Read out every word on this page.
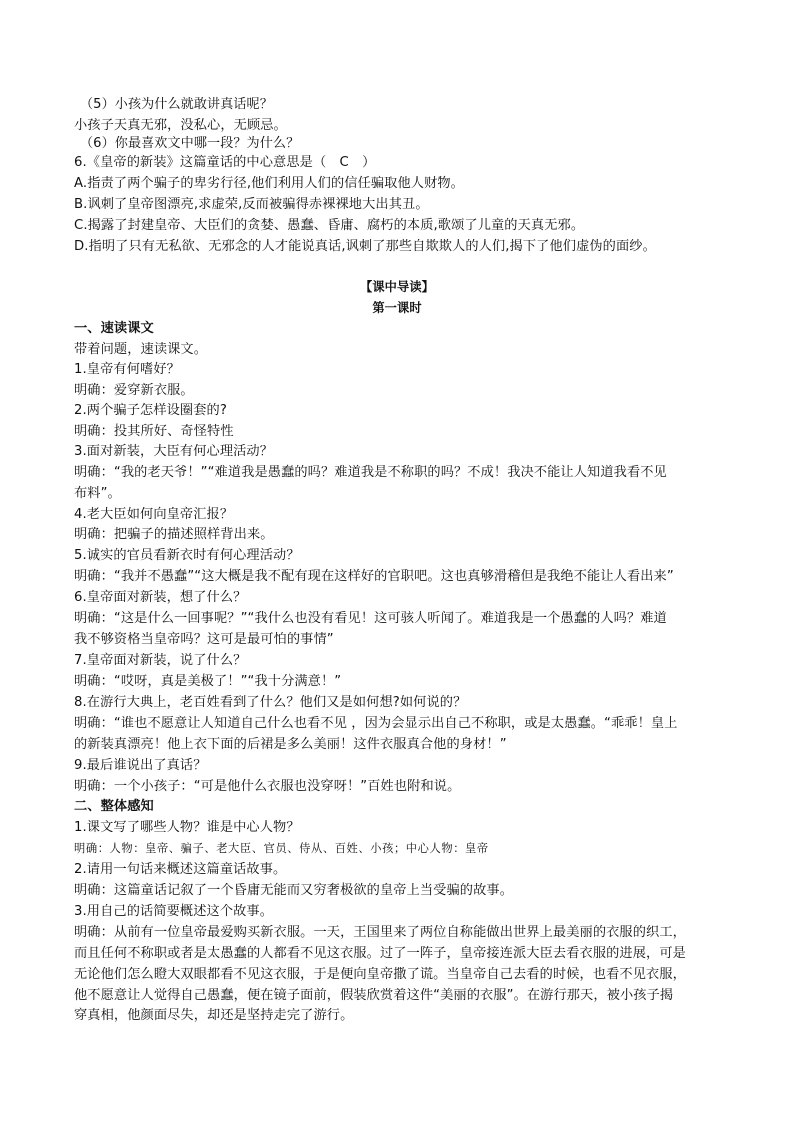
（5）小孩为什么就敢讲真话呢？
小孩子天真无邪，没私心，无顾忌。
（6）你最喜欢文中哪一段？为什么？
6.《皇帝的新装》这篇童话的中心意思是（　C　）
A.指责了两个骗子的卑劣行径,他们利用人们的信任骗取他人财物。
B.讽刺了皇帝图漂亮,求虚荣,反而被骗得赤裸裸地大出其丑。
C.揭露了封建皇帝、大臣们的贪婪、愚蠢、昏庸、腐朽的本质,歌颂了儿童的天真无邪。
D.指明了只有无私欲、无邪念的人才能说真话,讽刺了那些自欺欺人的人们,揭下了他们虚伪的面纱。
【课中导读】
第一课时
一、速读课文
带着问题，速读课文。
1.皇帝有何嗜好？
明确：爱穿新衣服。
2.两个骗子怎样设圈套的?
明确：投其所好、奇怪特性
3.面对新装，大臣有何心理活动？
明确：“我的老天爷！”“难道我是愚蠢的吗？难道我是不称职的吗？不成！我决不能让人知道我看不见
布料”。
4.老大臣如何向皇帝汇报？
明确：把骗子的描述照样背出来。
5.诚实的官员看新衣时有何心理活动？
明确：“我并不愚蠢”“这大概是我不配有现在这样好的官职吧。这也真够滑稽但是我绝不能让人看出来”
6.皇帝面对新装，想了什么？
明确：“这是什么一回事呢？”“我什么也没有看见！这可骇人听闻了。难道我是一个愚蠢的人吗？难道
我不够资格当皇帝吗？这可是最可怕的事情”
7.皇帝面对新装，说了什么？
明确：“哎呀，真是美极了！”“我十分满意！”
8.在游行大典上，老百姓看到了什么？他们又是如何想?如何说的？
明确：“谁也不愿意让人知道自己什么也看不见 ，因为会显示出自己不称职，或是太愚蠢。“乖乖！皇上
的新装真漂亮！他上衣下面的后裙是多么美丽！这件衣服真合他的身材！”
9.最后谁说出了真话？
明确：一个小孩子：“可是他什么衣服也没穿呀！”百姓也附和说。
二、整体感知
1.课文写了哪些人物？谁是中心人物？
明确：人物：皇帝、骗子、老大臣、官员、侍从、百姓、小孩；中心人物：皇帝
2.请用一句话来概述这篇童话故事。
明确：这篇童话记叙了一个昏庸无能而又穷奢极欲的皇帝上当受骗的故事。
3.用自己的话简要概述这个故事。
明确：从前有一位皇帝最爱购买新衣服。一天，王国里来了两位自称能做出世界上最美丽的衣服的织工，
而且任何不称职或者是太愚蠢的人都看不见这衣服。过了一阵子，皇帝接连派大臣去看衣服的进展，可是
无论他们怎么瞪大双眼都看不见这衣服，于是便向皇帝撒了谎。当皇帝自己去看的时候，也看不见衣服，
他不愿意让人觉得自己愚蠢，便在镜子面前，假装欣赏着这件“美丽的衣服”。在游行那天，被小孩子揭
穿真相，他颜面尽失，却还是坚持走完了游行。
